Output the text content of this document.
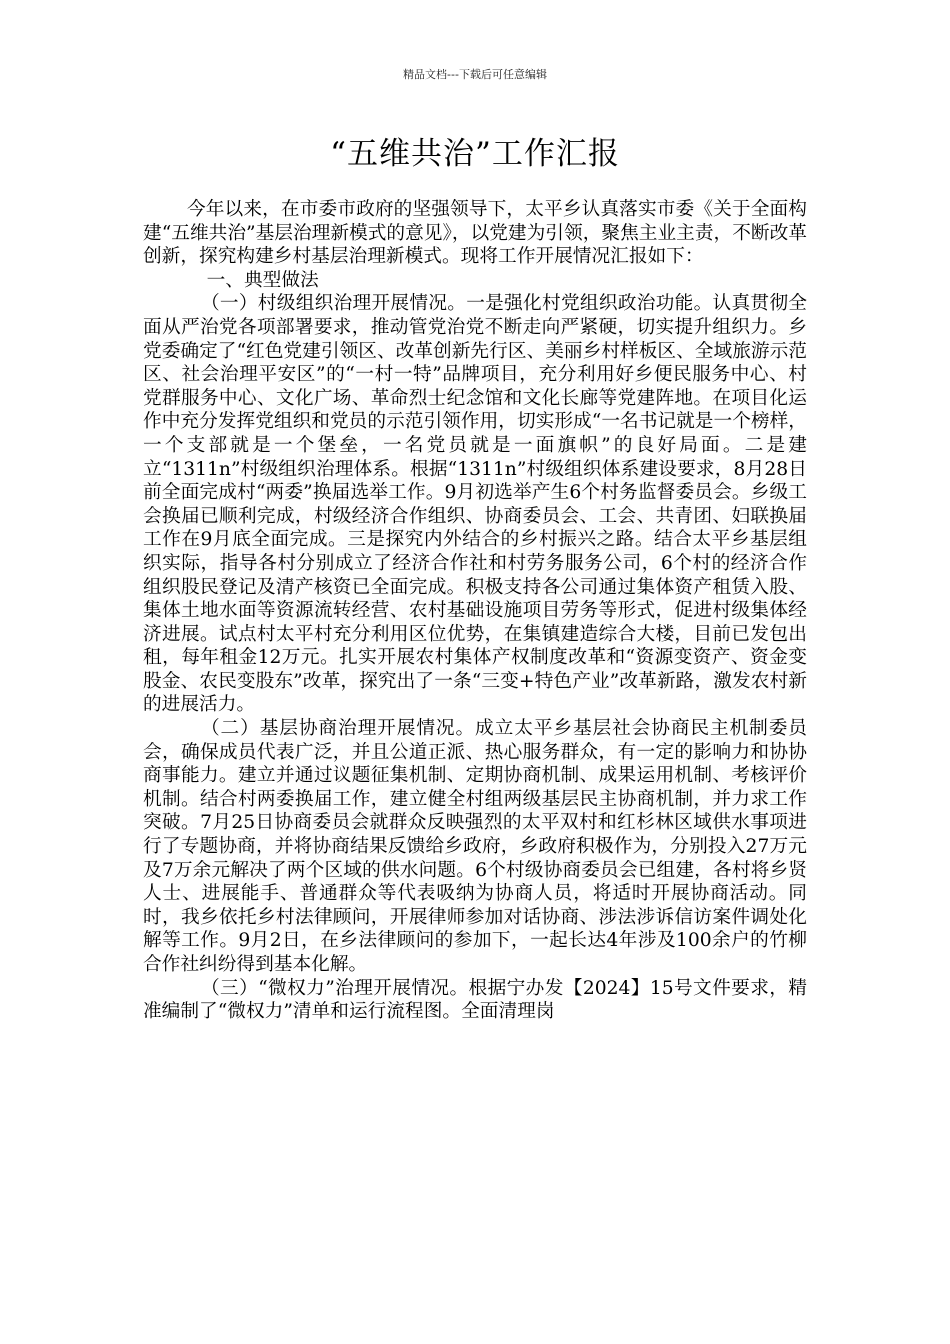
精品文档---下载后可任意编辑
“五维共治”工作汇报

今年以来，在市委市政府的坚强领导下，太平乡认真落实市委《关于全面构建“五维共治”基层治理新模式的意见》，以党建为引领，聚焦主业主责，不断改革创新，探究构建乡村基层治理新模式。现将工作开展情况汇报如下：

一、典型做法

（一）村级组织治理开展情况。一是强化村党组织政治功能。认真贯彻全面从严治党各项部署要求，推动管党治党不断走向严紧硬，切实提升组织力。乡党委确定了“红色党建引领区、改革创新先行区、美丽乡村样板区、全域旅游示范区、社会治理平安区”的“一村一特”品牌项目，充分利用好乡便民服务中心、村党群服务中心、文化广场、革命烈士纪念馆和文化长廊等党建阵地。在项目化运作中充分发挥党组织和党员的示范引领作用，切实形成“一名书记就是一个榜样，一个支部就是一个堡垒，一名党员就是一面旗帜”的良好局面。二是建立“1311n”村级组织治理体系。根据“1311n”村级组织体系建设要求，8月28日前全面完成村“两委”换届选举工作。9月初选举产生6个村务监督委员会。乡级工会换届已顺利完成，村级经济合作组织、协商委员会、工会、共青团、妇联换届工作在9月底全面完成。三是探究内外结合的乡村振兴之路。结合太平乡基层组织实际，指导各村分别成立了经济合作社和村劳务服务公司，6个村的经济合作组织股民登记及清产核资已全面完成。积极支持各公司通过集体资产租赁入股、集体土地水面等资源流转经营、农村基础设施项目劳务等形式，促进村级集体经济进展。试点村太平村充分利用区位优势，在集镇建造综合大楼，目前已发包出租，每年租金12万元。扎实开展农村集体产权制度改革和“资源变资产、资金变股金、农民变股东”改革，探究出了一条“三变+特色产业”改革新路，激发农村新的进展活力。

（二）基层协商治理开展情况。成立太平乡基层社会协商民主机制委员会，确保成员代表广泛，并且公道正派、热心服务群众，有一定的影响力和协协商事能力。建立并通过议题征集机制、定期协商机制、成果运用机制、考核评价机制。结合村两委换届工作，建立健全村组两级基层民主协商机制，并力求工作突破。7月25日协商委员会就群众反映强烈的太平双村和红杉林区域供水事项进行了专题协商，并将协商结果反馈给乡政府，乡政府积极作为，分别投入27万元及7万余元解决了两个区域的供水问题。6个村级协商委员会已组建，各村将乡贤人士、进展能手、普通群众等代表吸纳为协商人员，将适时开展协商活动。同时，我乡依托乡村法律顾问，开展律师参加对话协商、涉法涉诉信访案件调处化解等工作。9月2日，在乡法律顾问的参加下，一起长达4年涉及100余户的竹柳合作社纠纷得到基本化解。

（三）“微权力”治理开展情况。根据宁办发【2024】15号文件要求，精准编制了“微权力”清单和运行流程图。全面清理岗
